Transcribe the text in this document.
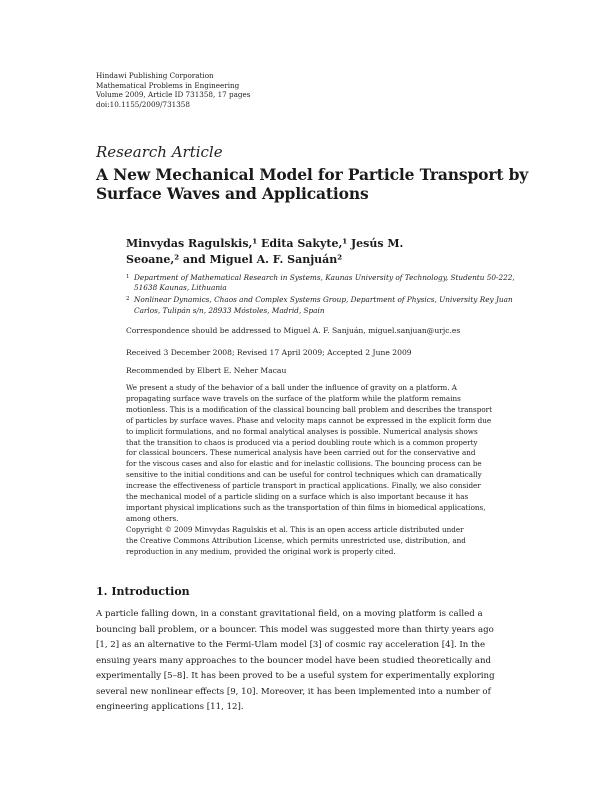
Hindawi Publishing Corporation
Mathematical Problems in Engineering
Volume 2009, Article ID 731358, 17 pages
doi:10.1155/2009/731358
Research Article
A New Mechanical Model for Particle Transport by
Surface Waves and Applications
Minvydas Ragulskis,¹ Edita Sakyte,¹ Jesús M.
Seoane,² and Miguel A. F. Sanjuán²
1 Department of Mathematical Research in Systems, Kaunas University of Technology, Studentu 50-222,
51638 Kaunas, Lithuania
2 Nonlinear Dynamics, Chaos and Complex Systems Group, Department of Physics, University Rey Juan
Carlos, Tulipán s/n, 28933 Móstoles, Madrid, Spain
Correspondence should be addressed to Miguel A. F. Sanjuán, miguel.sanjuan@urjc.es
Received 3 December 2008; Revised 17 April 2009; Accepted 2 June 2009
Recommended by Elbert E. Neher Macau
We present a study of the behavior of a ball under the influence of gravity on a platform. A
propagating surface wave travels on the surface of the platform while the platform remains
motionless. This is a modification of the classical bouncing ball problem and describes the transport
of particles by surface waves. Phase and velocity maps cannot be expressed in the explicit form due
to implicit formulations, and no formal analytical analyses is possible. Numerical analysis shows
that the transition to chaos is produced via a period doubling route which is a common property
for classical bouncers. These numerical analysis have been carried out for the conservative and
for the viscous cases and also for elastic and for inelastic collisions. The bouncing process can be
sensitive to the initial conditions and can be useful for control techniques which can dramatically
increase the effectiveness of particle transport in practical applications. Finally, we also consider
the mechanical model of a particle sliding on a surface which is also important because it has
important physical implications such as the transportation of thin films in biomedical applications,
among others.
Copyright © 2009 Minvydas Ragulskis et al. This is an open access article distributed under
the Creative Commons Attribution License, which permits unrestricted use, distribution, and
reproduction in any medium, provided the original work is properly cited.
1. Introduction
A particle falling down, in a constant gravitational field, on a moving platform is called a
bouncing ball problem, or a bouncer. This model was suggested more than thirty years ago
[1, 2] as an alternative to the Fermi-Ulam model [3] of cosmic ray acceleration [4]. In the
ensuing years many approaches to the bouncer model have been studied theoretically and
experimentally [5–8]. It has been proved to be a useful system for experimentally exploring
several new nonlinear effects [9, 10]. Moreover, it has been implemented into a number of
engineering applications [11, 12].
